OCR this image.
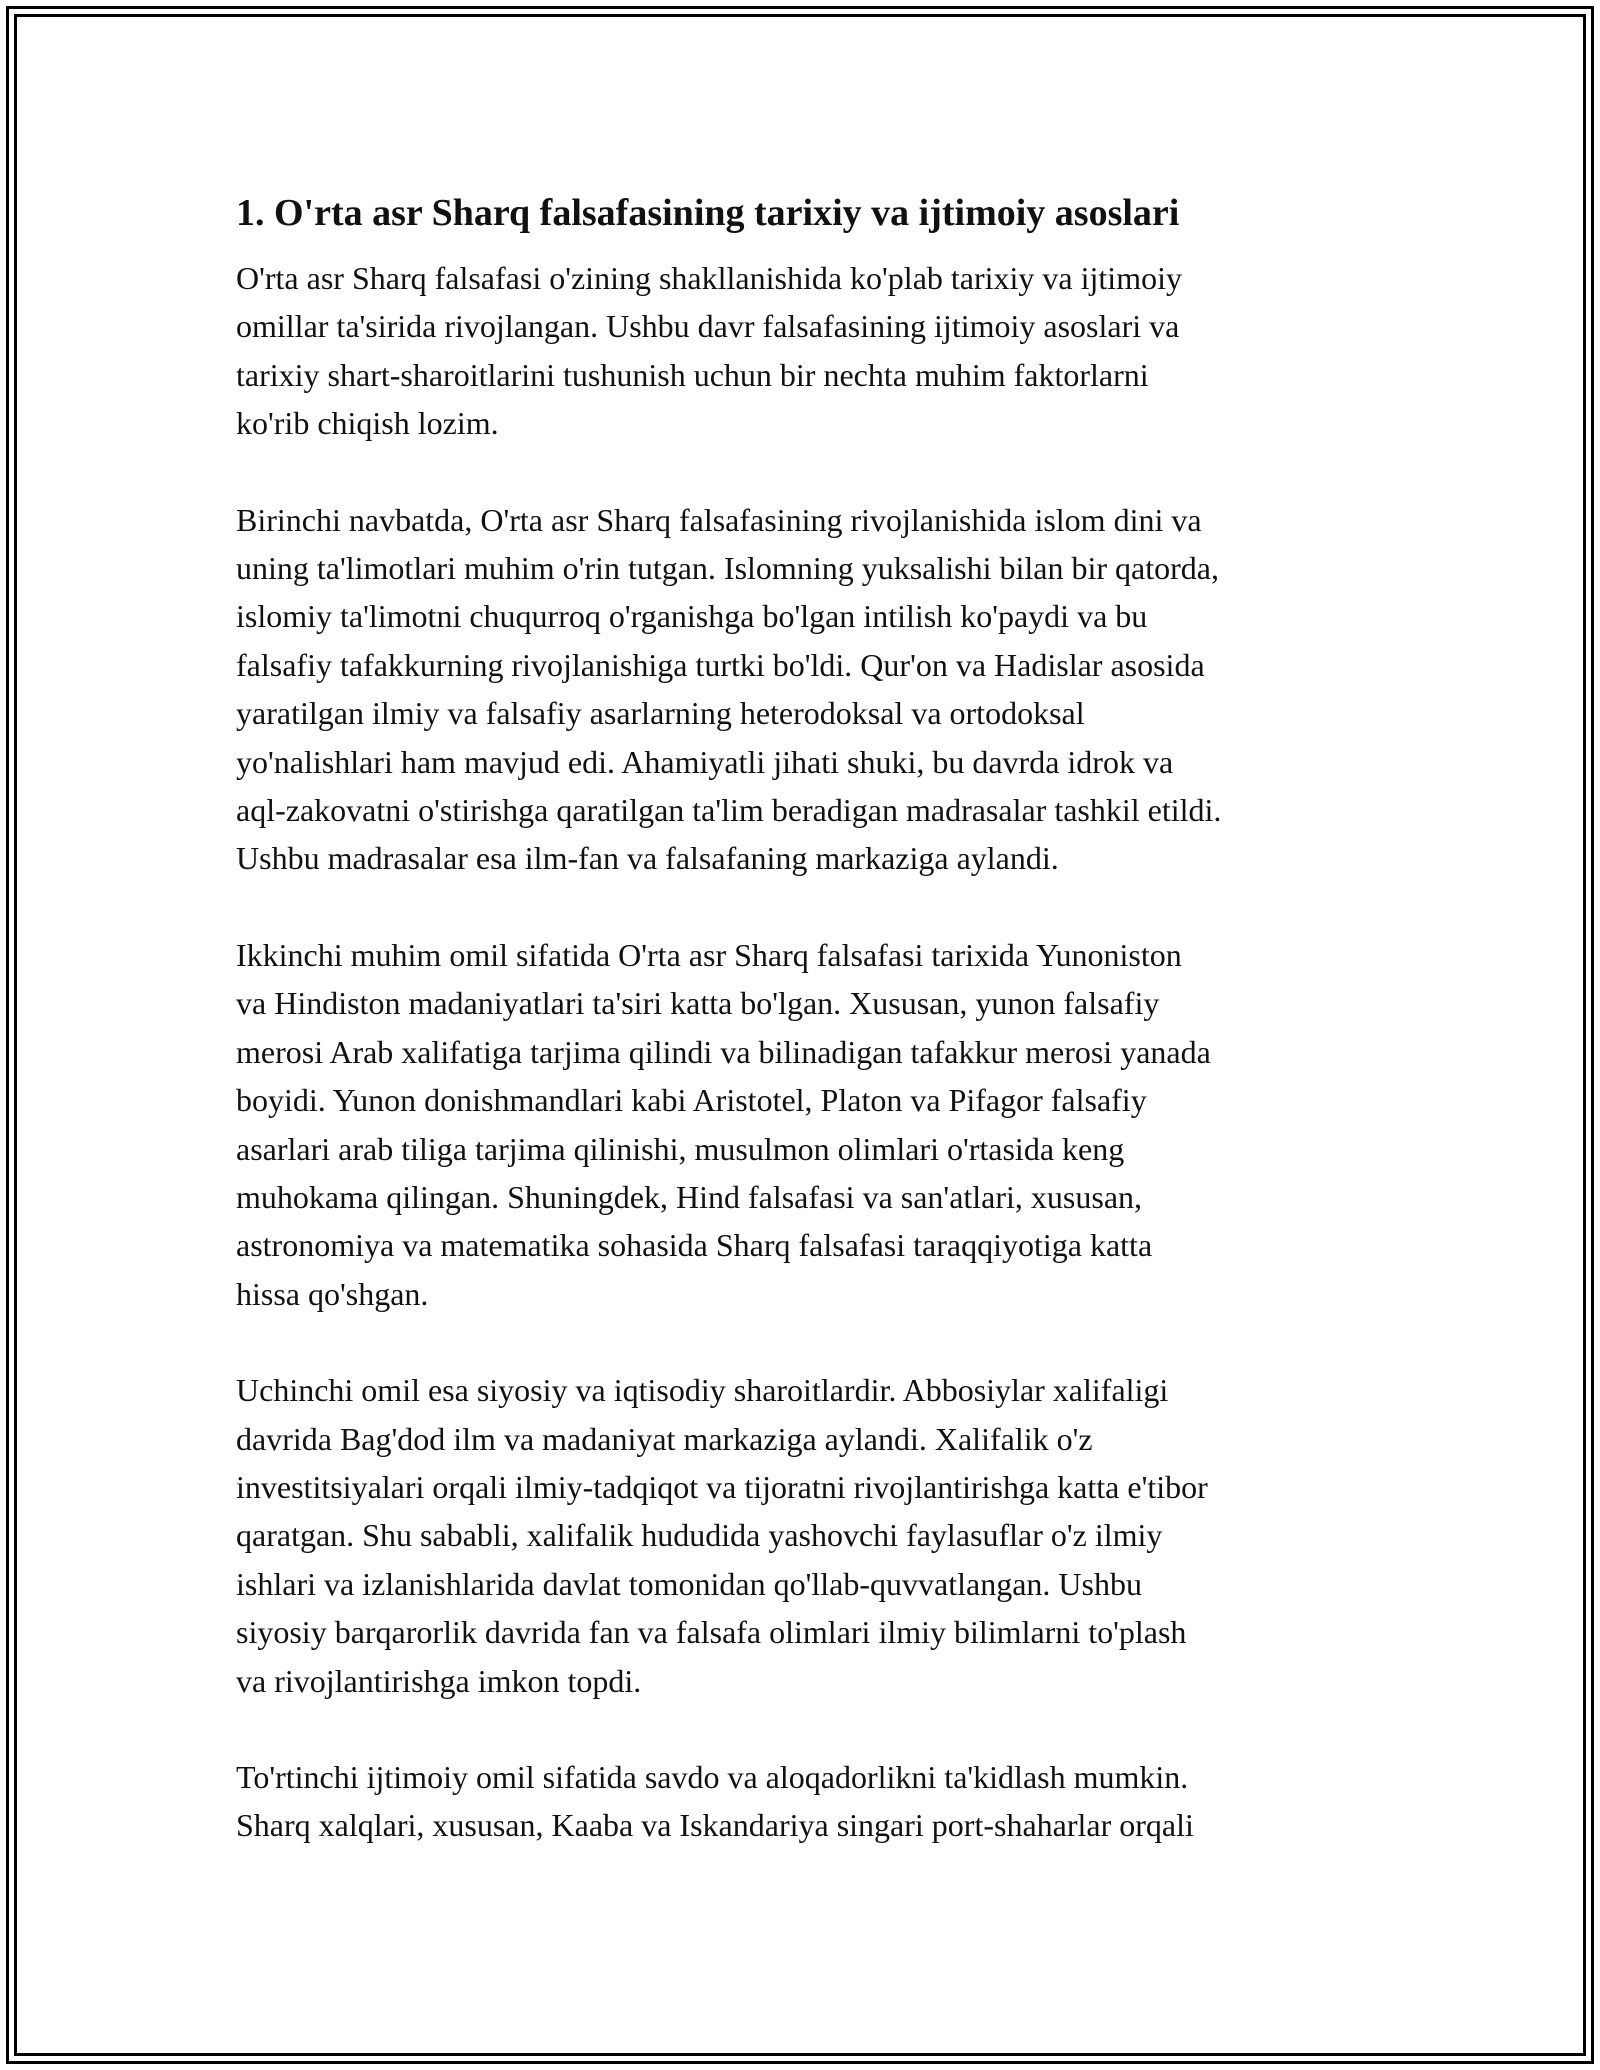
1. O'rta asr Sharq falsafasining tarixiy va ijtimoiy asoslari

O'rta asr Sharq falsafasi o'zining shakllanishida ko'plab tarixiy va ijtimoiy
omillar ta'sirida rivojlangan. Ushbu davr falsafasining ijtimoiy asoslari va
tarixiy shart-sharoitlarini tushunish uchun bir nechta muhim faktorlarni
ko'rib chiqish lozim.

Birinchi navbatda, O'rta asr Sharq falsafasining rivojlanishida islom dini va
uning ta'limotlari muhim o'rin tutgan. Islomning yuksalishi bilan bir qatorda,
islomiy ta'limotni chuqurroq o'rganishga bo'lgan intilish ko'paydi va bu
falsafiy tafakkurning rivojlanishiga turtki bo'ldi. Qur'on va Hadislar asosida
yaratilgan ilmiy va falsafiy asarlarning heterodoksal va ortodoksal
yo'nalishlari ham mavjud edi. Ahamiyatli jihati shuki, bu davrda idrok va
aql-zakovatni o'stirishga qaratilgan ta'lim beradigan madrasalar tashkil etildi.
Ushbu madrasalar esa ilm-fan va falsafaning markaziga aylandi.

Ikkinchi muhim omil sifatida O'rta asr Sharq falsafasi tarixida Yunoniston
va Hindiston madaniyatlari ta'siri katta bo'lgan. Xususan, yunon falsafiy
merosi Arab xalifatiga tarjima qilindi va bilinadigan tafakkur merosi yanada
boyidi. Yunon donishmandlari kabi Aristotel, Platon va Pifagor falsafiy
asarlari arab tiliga tarjima qilinishi, musulmon olimlari o'rtasida keng
muhokama qilingan. Shuningdek, Hind falsafasi va san'atlari, xususan,
astronomiya va matematika sohasida Sharq falsafasi taraqqiyotiga katta
hissa qo'shgan.

Uchinchi omil esa siyosiy va iqtisodiy sharoitlardir. Abbosiylar xalifaligi
davrida Bag'dod ilm va madaniyat markaziga aylandi. Xalifalik o'z
investitsiyalari orqali ilmiy-tadqiqot va tijoratni rivojlantirishga katta e'tibor
qaratgan. Shu sababli, xalifalik hududida yashovchi faylasuflar o'z ilmiy
ishlari va izlanishlarida davlat tomonidan qo'llab-quvvatlangan. Ushbu
siyosiy barqarorlik davrida fan va falsafa olimlari ilmiy bilimlarni to'plash
va rivojlantirishga imkon topdi.

To'rtinchi ijtimoiy omil sifatida savdo va aloqadorlikni ta'kidlash mumkin.
Sharq xalqlari, xususan, Kaaba va Iskandariya singari port-shaharlar orqali
